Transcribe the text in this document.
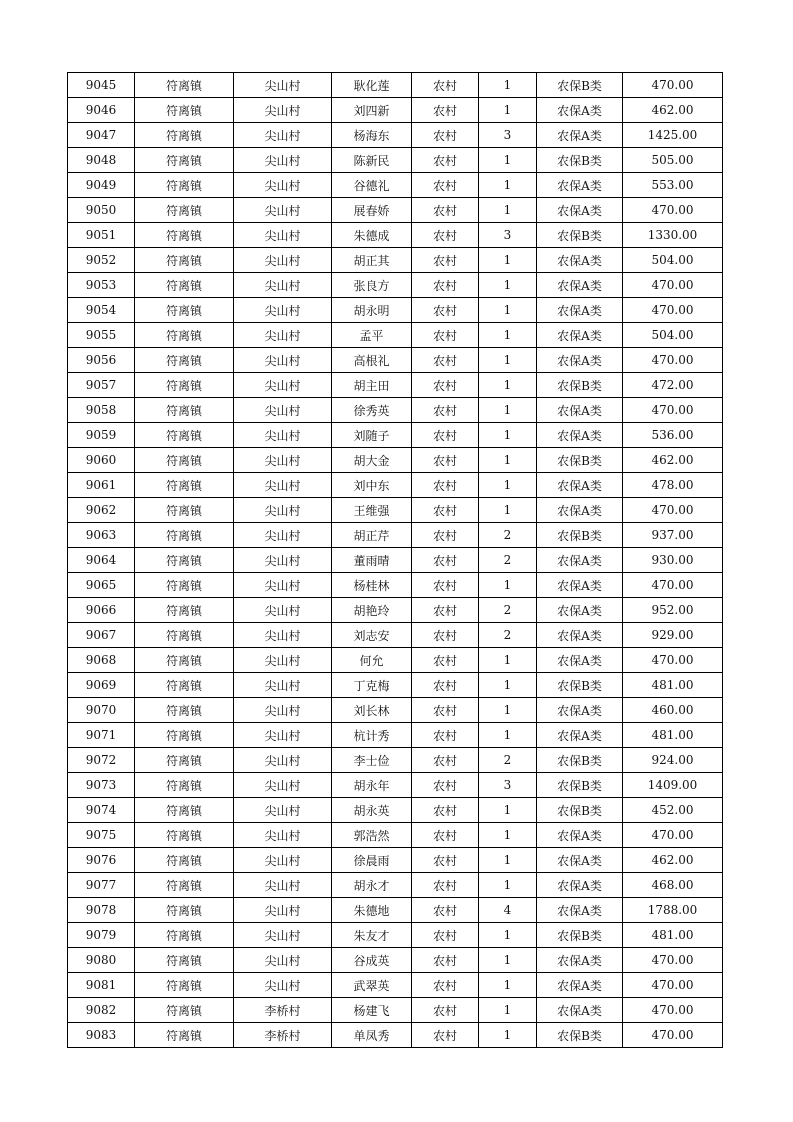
9045	符离镇	尖山村	耿化莲	农村	1	农保B类	470.00
9046	符离镇	尖山村	刘四新	农村	1	农保A类	462.00
9047	符离镇	尖山村	杨海东	农村	3	农保A类	1425.00
9048	符离镇	尖山村	陈新民	农村	1	农保B类	505.00
9049	符离镇	尖山村	谷德礼	农村	1	农保A类	553.00
9050	符离镇	尖山村	展春娇	农村	1	农保A类	470.00
9051	符离镇	尖山村	朱德成	农村	3	农保B类	1330.00
9052	符离镇	尖山村	胡正其	农村	1	农保A类	504.00
9053	符离镇	尖山村	张良方	农村	1	农保A类	470.00
9054	符离镇	尖山村	胡永明	农村	1	农保A类	470.00
9055	符离镇	尖山村	孟平	农村	1	农保A类	504.00
9056	符离镇	尖山村	高根礼	农村	1	农保A类	470.00
9057	符离镇	尖山村	胡主田	农村	1	农保B类	472.00
9058	符离镇	尖山村	徐秀英	农村	1	农保A类	470.00
9059	符离镇	尖山村	刘随子	农村	1	农保A类	536.00
9060	符离镇	尖山村	胡大金	农村	1	农保B类	462.00
9061	符离镇	尖山村	刘中东	农村	1	农保A类	478.00
9062	符离镇	尖山村	王维强	农村	1	农保A类	470.00
9063	符离镇	尖山村	胡正芹	农村	2	农保B类	937.00
9064	符离镇	尖山村	董雨晴	农村	2	农保A类	930.00
9065	符离镇	尖山村	杨桂林	农村	1	农保A类	470.00
9066	符离镇	尖山村	胡艳玲	农村	2	农保A类	952.00
9067	符离镇	尖山村	刘志安	农村	2	农保A类	929.00
9068	符离镇	尖山村	何允	农村	1	农保A类	470.00
9069	符离镇	尖山村	丁克梅	农村	1	农保B类	481.00
9070	符离镇	尖山村	刘长林	农村	1	农保A类	460.00
9071	符离镇	尖山村	杭计秀	农村	1	农保A类	481.00
9072	符离镇	尖山村	李士俭	农村	2	农保B类	924.00
9073	符离镇	尖山村	胡永年	农村	3	农保B类	1409.00
9074	符离镇	尖山村	胡永英	农村	1	农保B类	452.00
9075	符离镇	尖山村	郭浩然	农村	1	农保A类	470.00
9076	符离镇	尖山村	徐晨雨	农村	1	农保A类	462.00
9077	符离镇	尖山村	胡永才	农村	1	农保A类	468.00
9078	符离镇	尖山村	朱德地	农村	4	农保A类	1788.00
9079	符离镇	尖山村	朱友才	农村	1	农保B类	481.00
9080	符离镇	尖山村	谷成英	农村	1	农保A类	470.00
9081	符离镇	尖山村	武翠英	农村	1	农保A类	470.00
9082	符离镇	李桥村	杨建飞	农村	1	农保A类	470.00
9083	符离镇	李桥村	单凤秀	农村	1	农保B类	470.00
